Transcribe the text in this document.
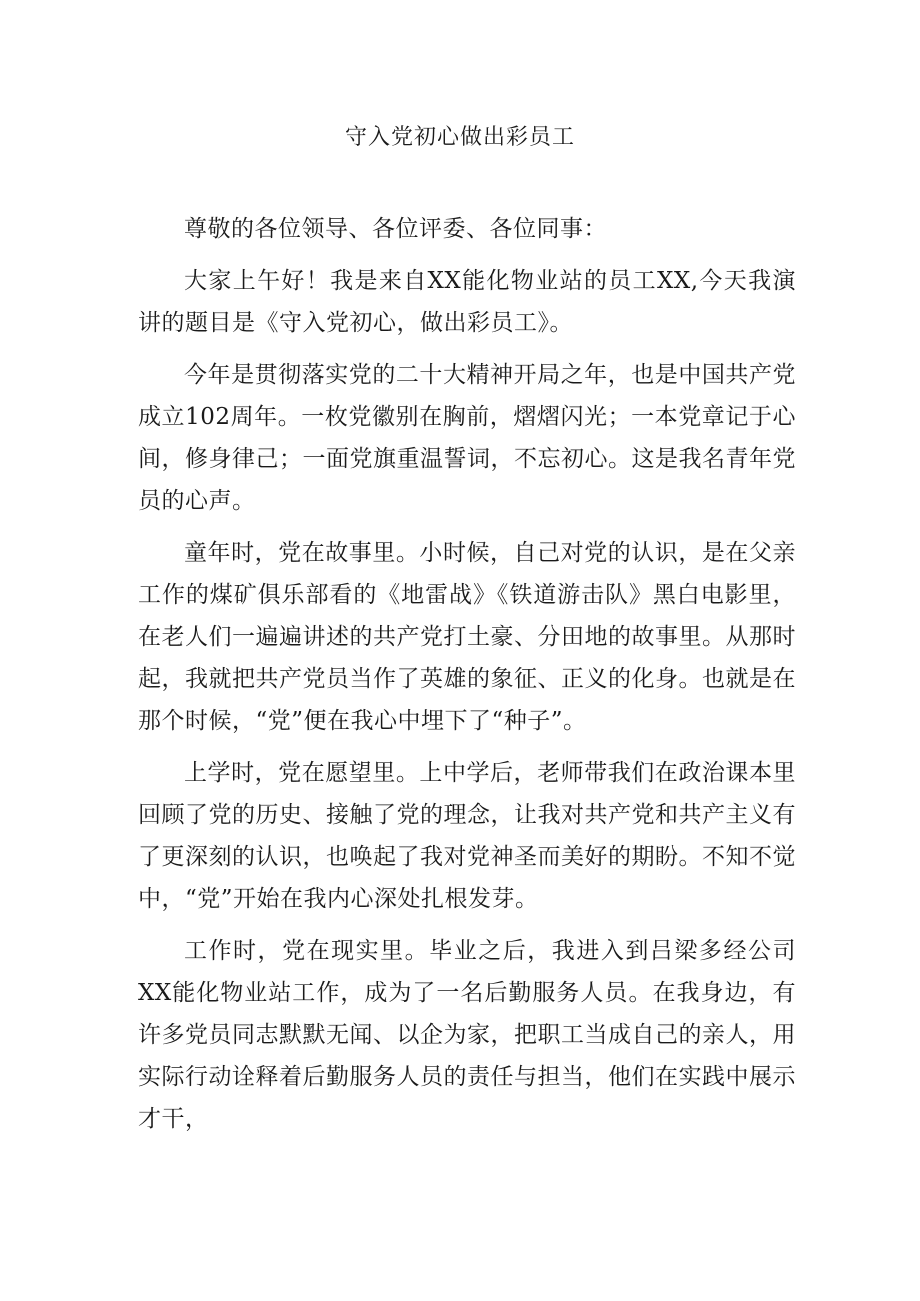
守入党初心做出彩员工

尊敬的各位领导、各位评委、各位同事：

大家上午好！我是来自XX能化物业站的员工XX,今天我演讲的题目是《守入党初心，做出彩员工》。

今年是贯彻落实党的二十大精神开局之年，也是中国共产党成立102周年。一枚党徽别在胸前，熠熠闪光；一本党章记于心间，修身律己；一面党旗重温誓词，不忘初心。这是我名青年党员的心声。

童年时，党在故事里。小时候，自己对党的认识，是在父亲工作的煤矿俱乐部看的《地雷战》《铁道游击队》黑白电影里，在老人们一遍遍讲述的共产党打土豪、分田地的故事里。从那时起，我就把共产党员当作了英雄的象征、正义的化身。也就是在那个时候，“党”便在我心中埋下了“种子”。

上学时，党在愿望里。上中学后，老师带我们在政治课本里回顾了党的历史、接触了党的理念，让我对共产党和共产主义有了更深刻的认识，也唤起了我对党神圣而美好的期盼。不知不觉中，“党”开始在我内心深处扎根发芽。

工作时，党在现实里。毕业之后，我进入到吕梁多经公司XX能化物业站工作，成为了一名后勤服务人员。在我身边，有许多党员同志默默无闻、以企为家，把职工当成自己的亲人，用实际行动诠释着后勤服务人员的责任与担当，他们在实践中展示才干，
